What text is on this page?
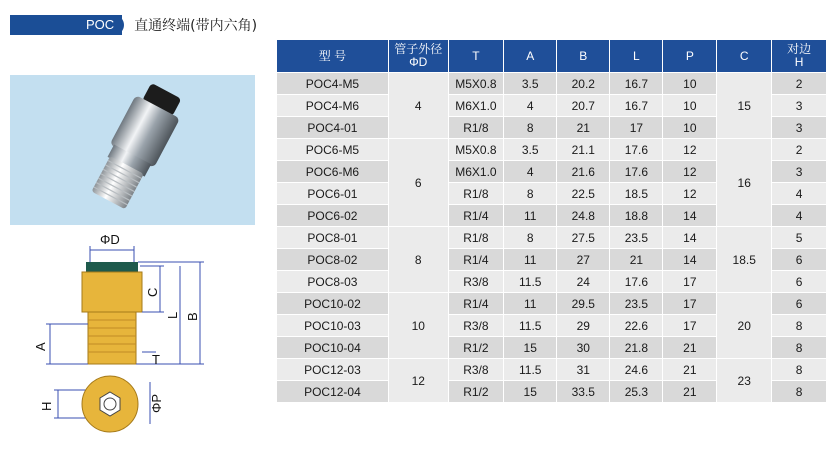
POC	直通终端(带内六角)
ΦD
C
L B
A
T
H	ΦP
型 号	管子外径
ΦD	T	A	B	L	P	C	对边
H
POC4-M5	4	M5X0.8	3.5	20.2	16.7	10	15	2
POC4-M6		M6X1.0	4	20.7	16.7	10		3
POC4-01		R1/8	8	21	17	10		3
POC6-M5	6	M5X0.8	3.5	21.1	17.6	12	16	2
POC6-M6		M6X1.0	4	21.6	17.6	12		3
POC6-01		R1/8	8	22.5	18.5	12		4
POC6-02		R1/4	11	24.8	18.8	14		4
POC8-01	8	R1/8	8	27.5	23.5	14	18.5	5
POC8-02		R1/4	11	27	21	14		6
POC8-03		R3/8	11.5	24	17.6	17		6
POC10-02	10	R1/4	11	29.5	23.5	17	20	6
POC10-03		R3/8	11.5	29	22.6	17		8
POC10-04		R1/2	15	30	21.8	21		8
POC12-03	12	R3/8	11.5	31	24.6	21	23	8
POC12-04		R1/2	15	33.5	25.3	21		8
